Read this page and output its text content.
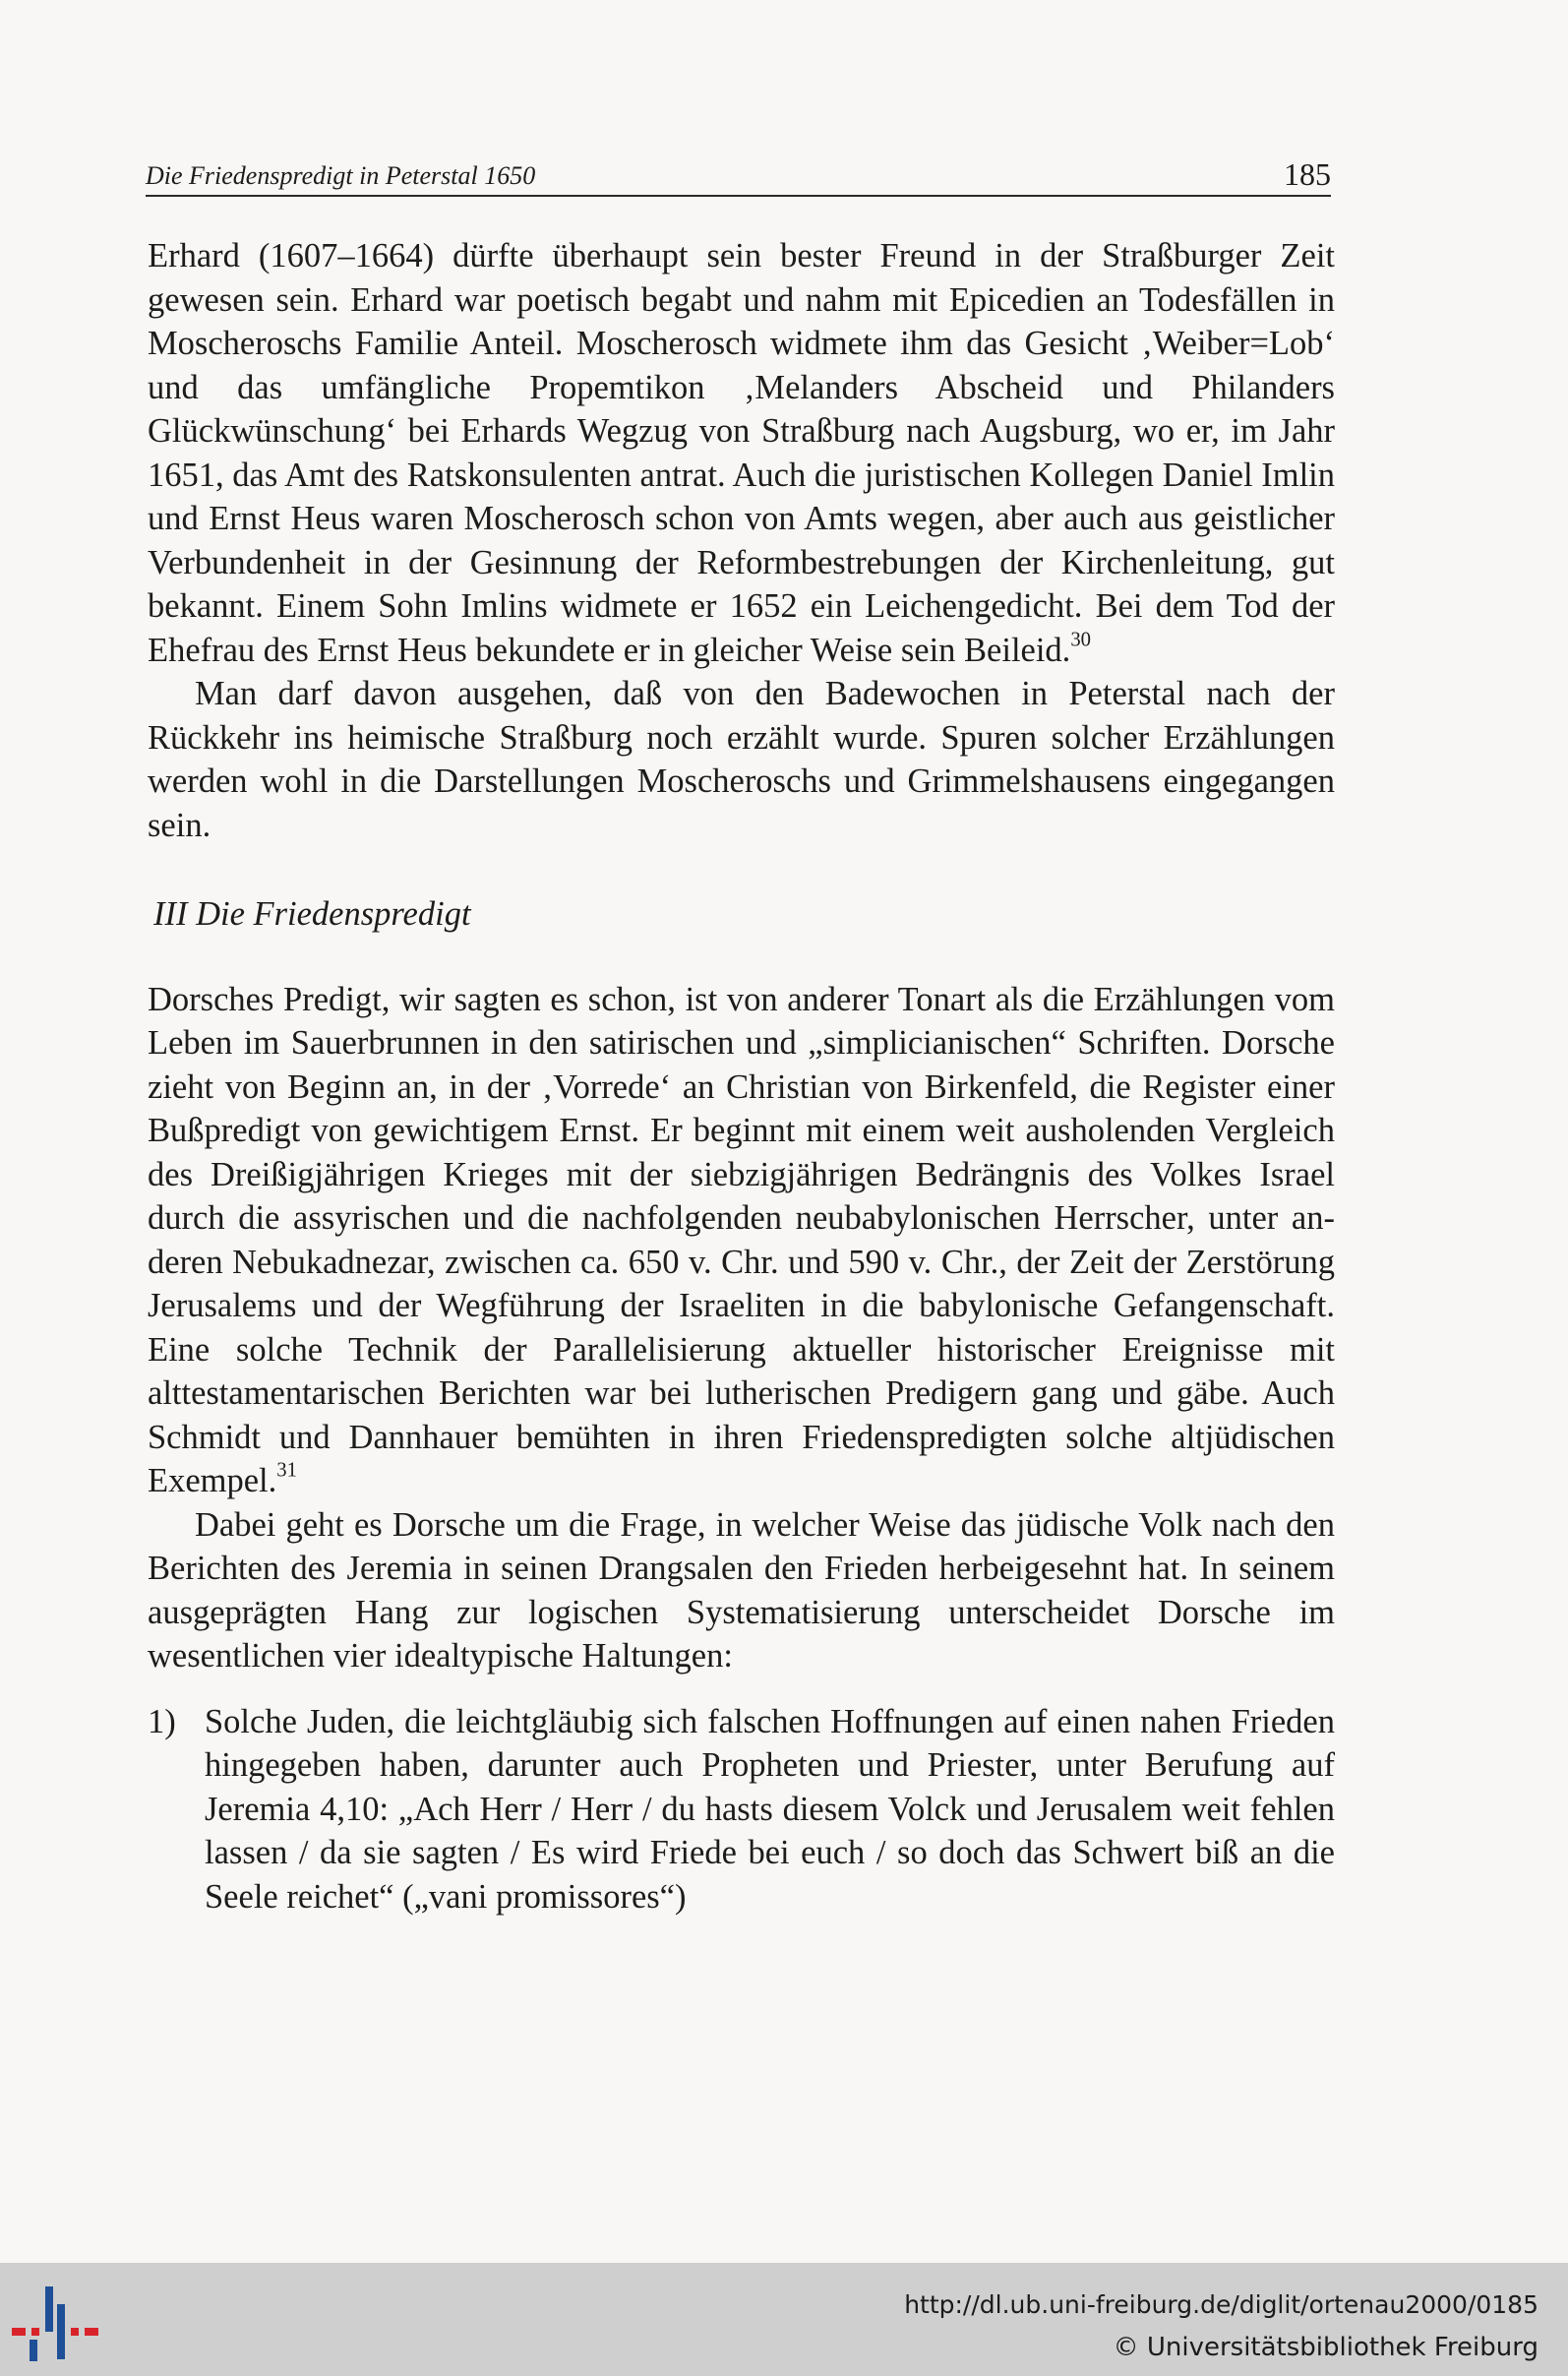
Die Friedenspredigt in Peterstal 1650	185

Erhard (1607–1664) dürfte überhaupt sein bester Freund in der Straßburger Zeit gewesen sein. Erhard war poetisch begabt und nahm mit Epicedien an Todesfällen in Moscheroschs Familie Anteil. Moscherosch widmete ihm das Gesicht ‚Weiber=Lob‘ und das umfängliche Propemtikon ‚Melanders Abscheid und Philanders Glückwünschung‘ bei Erhards Wegzug von Straßburg nach Augsburg, wo er, im Jahr 1651, das Amt des Ratskonsulenten antrat. Auch die juristischen Kollegen Daniel Imlin und Ernst Heus waren Moscherosch schon von Amts wegen, aber auch aus geistlicher Verbundenheit in der Gesinnung der Reformbestrebungen der Kirchenleitung, gut bekannt. Einem Sohn Imlins widmete er 1652 ein Leichengedicht. Bei dem Tod der Ehefrau des Ernst Heus bekundete er in gleicher Weise sein Beileid.$^{30}$

Man darf davon ausgehen, daß von den Badewochen in Peterstal nach der Rückkehr ins heimische Straßburg noch erzählt wurde. Spuren solcher Erzählungen werden wohl in die Darstellungen Moscheroschs und Grimmelshausens eingegangen sein.

III Die Friedenspredigt

Dorsches Predigt, wir sagten es schon, ist von anderer Tonart als die Erzählungen vom Leben im Sauerbrunnen in den satirischen und „simplicianischen“ Schriften. Dorsche zieht von Beginn an, in der ‚Vorrede‘ an Christian von Birkenfeld, die Register einer Bußpredigt von gewichtigem Ernst. Er beginnt mit einem weit ausholenden Vergleich des Dreißigjährigen Krieges mit der siebzigjährigen Bedrängnis des Volkes Israel durch die assyrischen und die nachfolgenden neubabylonischen Herrscher, unter anderen Nebukadnezar, zwischen ca. 650 v. Chr. und 590 v. Chr., der Zeit der Zerstörung Jerusalems und der Wegführung der Israeliten in die babylonische Gefangenschaft. Eine solche Technik der Parallelisierung aktueller historischer Ereignisse mit alttestamentarischen Berichten war bei lutherischen Predigern gang und gäbe. Auch Schmidt und Dannhauer bemühten in ihren Friedenspredigten solche altjüdischen Exempel.$^{31}$

Dabei geht es Dorsche um die Frage, in welcher Weise das jüdische Volk nach den Berichten des Jeremia in seinen Drangsalen den Frieden herbeigesehnt hat. In seinem ausgeprägten Hang zur logischen Systematisierung unterscheidet Dorsche im wesentlichen vier idealtypische Haltungen:

1) Solche Juden, die leichtgläubig sich falschen Hoffnungen auf einen nahen Frieden hingegeben haben, darunter auch Propheten und Priester, unter Berufung auf Jeremia 4,10: „Ach Herr / Herr / du hasts diesem Volck und Jerusalem weit fehlen lassen / da sie sagten / Es wird Friede bei euch / so doch das Schwert biß an die Seele reichet“ („vani promissores“)
http://dl.ub.uni-freiburg.de/diglit/ortenau2000/0185
© Universitätsbibliothek Freiburg
